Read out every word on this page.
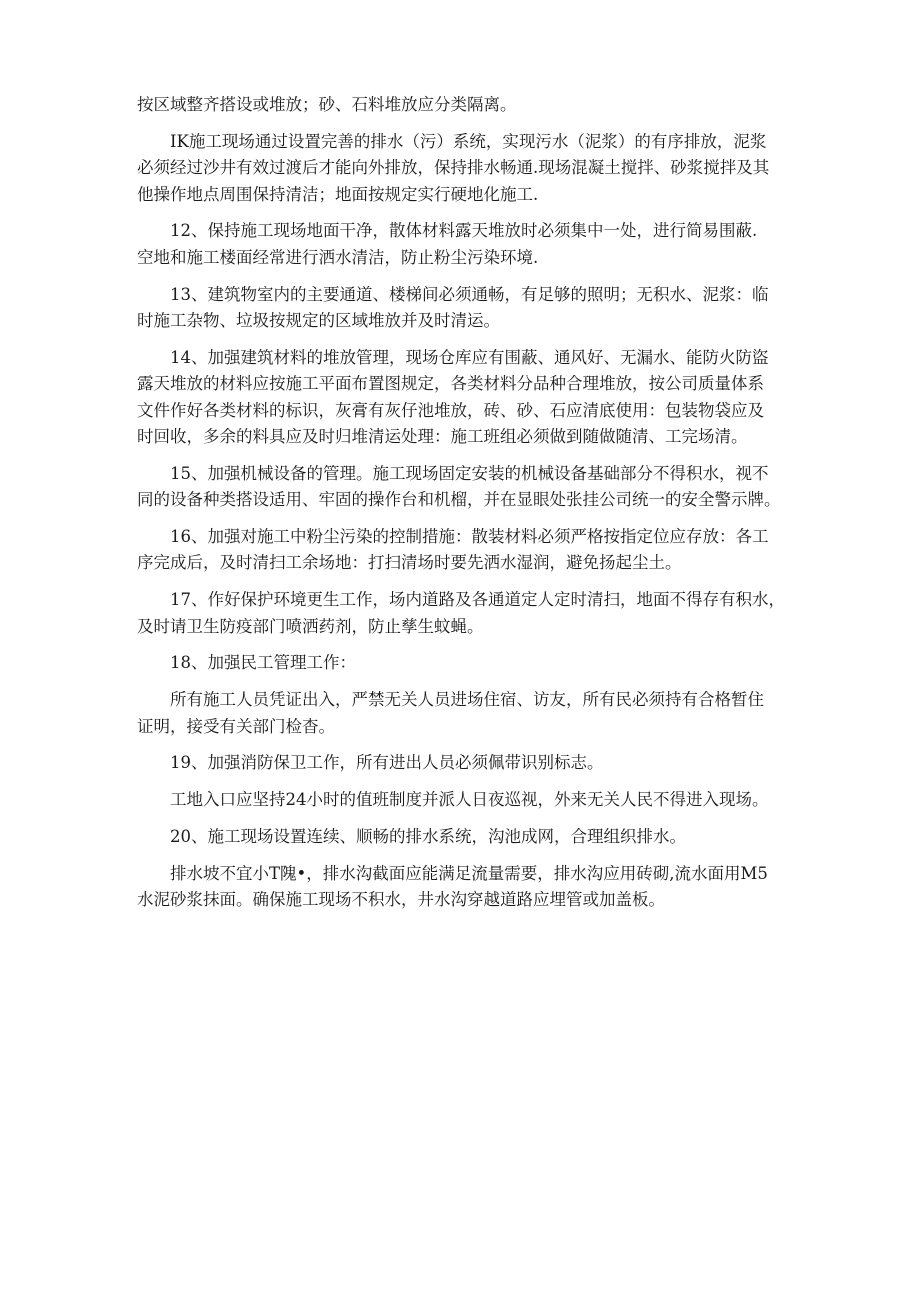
按区域整齐搭设或堆放；砂、石料堆放应分类隔离。

IK施工现场通过设置完善的排水（污）系统，实现污水（泥浆）的有序排放，泥浆
必须经过沙井有效过渡后才能向外排放，保持排水畅通.现场混凝土搅拌、砂浆搅拌及其
他操作地点周围保持清洁；地面按规定实行硬地化施工.

12、保持施工现场地面干净，散体材料露天堆放时必须集中一处，进行简易围蔽.
空地和施工楼面经常进行洒水清洁，防止粉尘污染环境.

13、建筑物室内的主要通道、楼梯间必须通畅，有足够的照明；无积水、泥浆：临
时施工杂物、垃圾按规定的区域堆放并及时清运。

14、加强建筑材料的堆放管理，现场仓库应有围蔽、通风好、无漏水、能防火防盜
露天堆放的材料应按施工平面布置图规定，各类材料分品种合理堆放，按公司质量体系
文件作好各类材料的标识，灰膏有灰仔池堆放，砖、砂、石应清底使用：包装物袋应及
时回收，多余的料具应及时归堆清运处理：施工班组必须做到随做随清、工完场清。

15、加强机械设备的管理。施工现场固定安装的机械设备基础部分不得积水，视不
同的设备种类搭设适用、牢固的操作台和机榴，并在显眼处张挂公司统一的安全警示牌。

16、加强对施工中粉尘污染的控制措施：散装材料必须严格按指定位应存放：各工
序完成后，及时清扫工余场地：打扫清场时要先洒水湿润，避免扬起尘土。

17、作好保护环境更生工作，场内道路及各通道定人定时清扫，地面不得存有积水，
及时请卫生防疫部门喷洒药剂，防止孳生蚊蝇。

18、加强民工管理工作：

所有施工人员凭证出入，严禁无关人员进场住宿、访友，所有民必须持有合格暂住
证明，接受有关部门检杳。

19、加强消防保卫工作，所有进出人员必须佩带识别标志。

工地入口应坚持24小时的值班制度并派人日夜巡视，外来无关人民不得进入现场。

20、施工现场设置连续、顺畅的排水系统，沟池成网，合理组织排水。

排水坡不宜小T隗•，排水沟截面应能满足流量需要，排水沟应用砖砌,流水面用M5
水泥砂浆抹面。确保施工现场不积水，井水沟穿越道路应埋管或加盖板。
